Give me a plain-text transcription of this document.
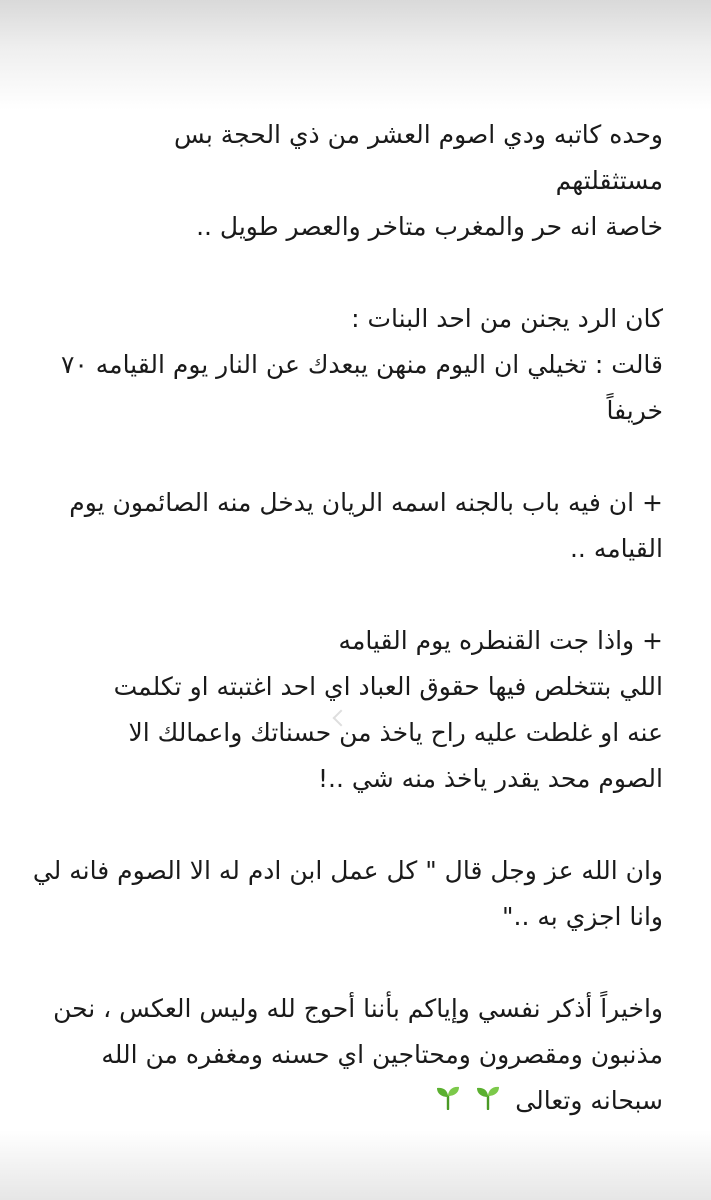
وحده كاتبه ودي اصوم العشر من ذي الحجة بس
مستثقلتهم
خاصة انه حر والمغرب متاخر والعصر طويل ..
كان الرد يجنن من احد البنات :
قالت : تخيلي ان اليوم منهن يبعدك عن النار يوم القيامه ٧٠
خريفاً
+ ان فيه باب بالجنه اسمه الريان يدخل منه الصائمون يوم
القيامه ..
+ واذا جت القنطره يوم القيامه
اللي بتتخلص فيها حقوق العباد اي احد اغتبته او تكلمت
عنه او غلطت عليه راح ياخذ من حسناتك واعمالك الا
الصوم محد يقدر ياخذ منه شي ..!
وان الله عز وجل قال " كل عمل ابن ادم له الا الصوم فانه لي
وانا اجزي به .."
واخيراً أذكر نفسي وإياكم بأننا أحوج لله وليس العكس ، نحن
مذنبون ومقصرون ومحتاجين اي حسنه ومغفره من الله
سبحانه وتعالى
